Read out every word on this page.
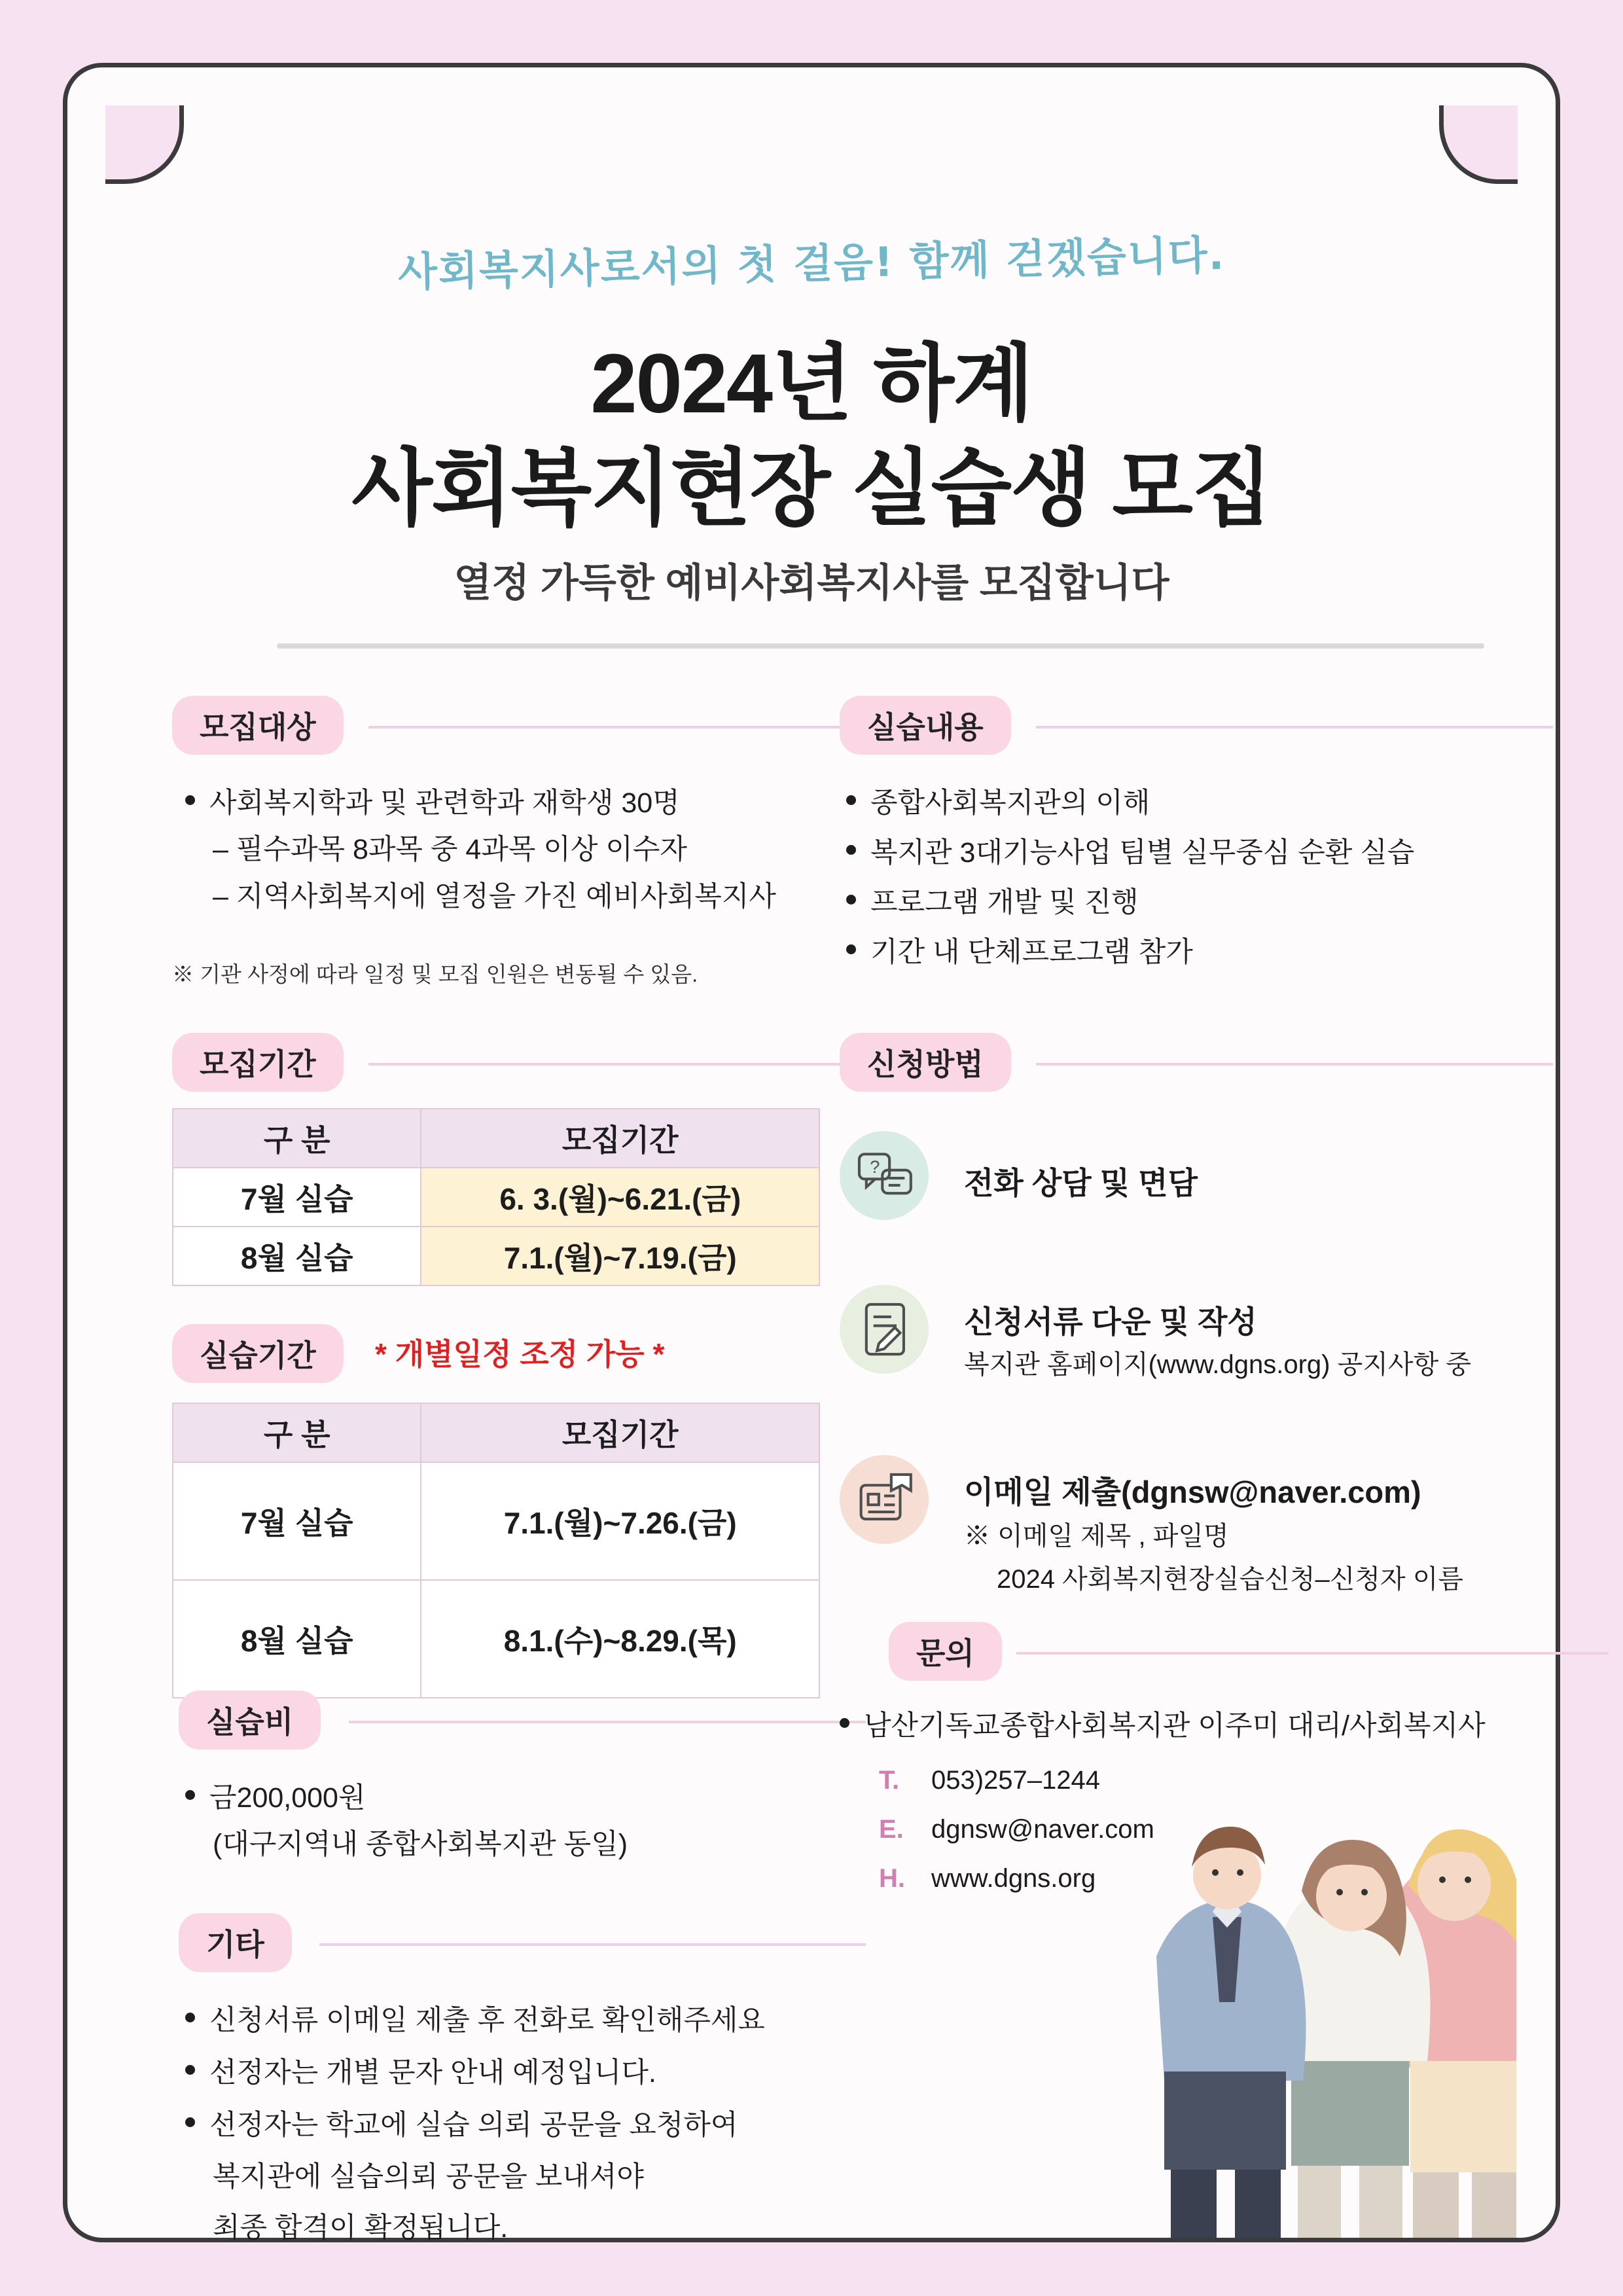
사회복지사로서의 첫 걸음! 함께 걷겠습니다.
2024년 하계
사회복지현장 실습생 모집
열정 가득한 예비사회복지사를 모집합니다
모집대상
사회복지학과 및 관련학과 재학생 30명
– 필수과목 8과목 중 4과목 이상 이수자
– 지역사회복지에 열정을 가진 예비사회복지사
※ 기관 사정에 따라 일정 및 모집 인원은 변동될 수 있음.
모집기간
구 분	모집기간
7월 실습	6. 3.(월)~6.21.(금)
8월 실습	7.1.(월)~7.19.(금)
실습기간	* 개별일정 조정 가능 *
구 분	모집기간
7월 실습	7.1.(월)~7.26.(금)
8월 실습	8.1.(수)~8.29.(목)
실습비
금200,000원
(대구지역내 종합사회복지관 동일)
기타
신청서류 이메일 제출 후 전화로 확인해주세요
선정자는 개별 문자 안내 예정입니다.
선정자는 학교에 실습 의뢰 공문을 요청하여
복지관에 실습의뢰 공문을 보내셔야
최종 합격이 확정됩니다.
실습내용
종합사회복지관의 이해
복지관 3대기능사업 팀별 실무중심 순환 실습
프로그램 개발 및 진행
기간 내 단체프로그램 참가
신청방법
?	전화 상담 및 면담
신청서류 다운 및 작성
복지관 홈페이지(www.dgns.org) 공지사항 중
이메일 제출(dgnsw@naver.com)
※ 이메일 제목 , 파일명
2024 사회복지현장실습신청–신청자 이름
문의
남산기독교종합사회복지관 이주미 대리/사회복지사
T. 053)257–1244
E. dgnsw@naver.com
H. www.dgns.org
